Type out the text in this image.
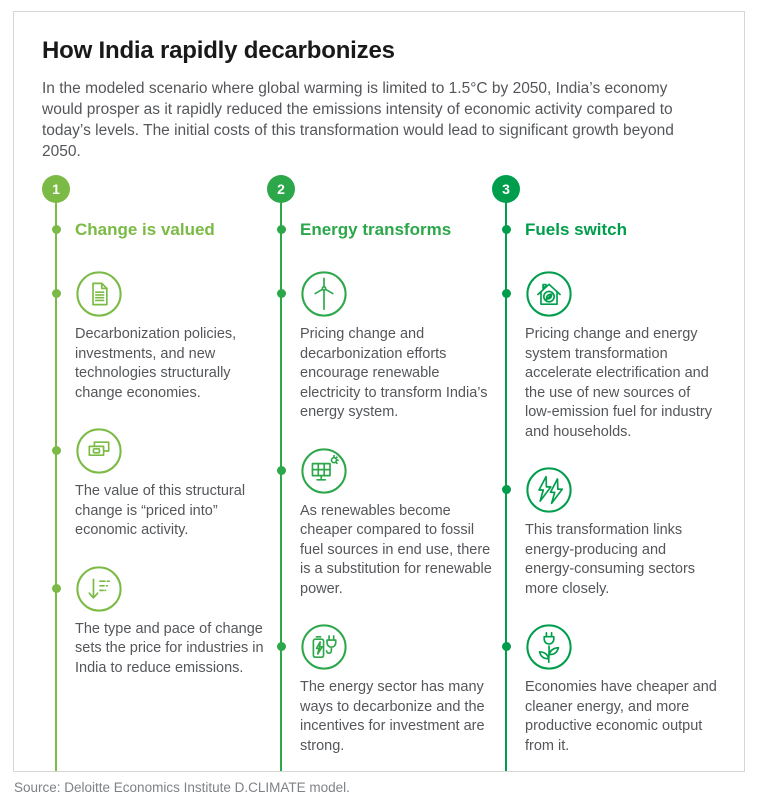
How India rapidly decarbonizes

In the modeled scenario where global warming is limited to 1.5°C by 2050, India’s economy would prosper as it rapidly reduced the emissions intensity of economic activity compared to today’s levels. The initial costs of this transformation would lead to significant growth beyond 2050.

1
Change is valued

Decarbonization policies, investments, and new technologies structurally change economies.

The value of this structural change is “priced into” economic activity.

The type and pace of change sets the price for industries in India to reduce emissions.

2
Energy transforms

Pricing change and decarbonization efforts encourage renewable electricity to transform India’s energy system.

As renewables become cheaper compared to fossil fuel sources in end use, there is a substitution for renewable power.

The energy sector has many ways to decarbonize and the incentives for investment are strong.

3
Fuels switch

Pricing change and energy system transformation accelerate electrification and the use of new sources of low-emission fuel for industry and households.

This transformation links energy-producing and energy-consuming sectors more closely.

Economies have cheaper and cleaner energy, and more productive economic output from it.

Source: Deloitte Economics Institute D.CLIMATE model.
